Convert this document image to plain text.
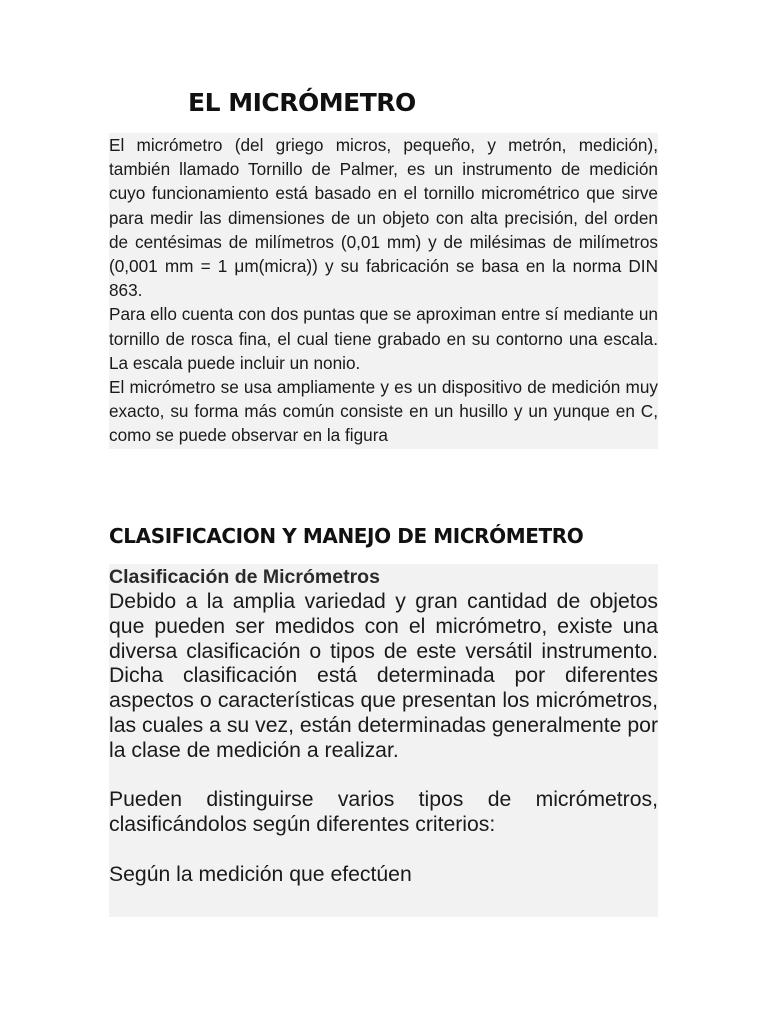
EL MICRÓMETRO

El micrómetro (del griego micros, pequeño, y metrón, medición), también llamado Tornillo de Palmer, es un instrumento de medición cuyo funcionamiento está basado en el tornillo micrométrico que sirve para medir las dimensiones de un objeto con alta precisión, del orden de centésimas de milímetros (0,01 mm) y de milésimas de milímetros (0,001 mm = 1 μm(micra)) y su fabricación se basa en la norma DIN 863.

Para ello cuenta con dos puntas que se aproximan entre sí mediante un tornillo de rosca fina, el cual tiene grabado en su contorno una escala. La escala puede incluir un nonio.

El micrómetro se usa ampliamente y es un dispositivo de medición muy exacto, su forma más común consiste en un husillo y un yunque en C, como se puede observar en la figura

CLASIFICACION Y MANEJO DE MICRÓMETRO
Clasificación de Micrómetros

Debido a la amplia variedad y gran cantidad de objetos que pueden ser medidos con el micrómetro, existe una diversa clasificación o tipos de este versátil instrumento. Dicha clasificación está determinada por diferentes aspectos o características que presentan los micrómetros, las cuales a su vez, están determinadas generalmente por la clase de medición a realizar.

Pueden distinguirse varios tipos de micrómetros, clasificándolos según diferentes criterios:

Según la medición que efectúen
